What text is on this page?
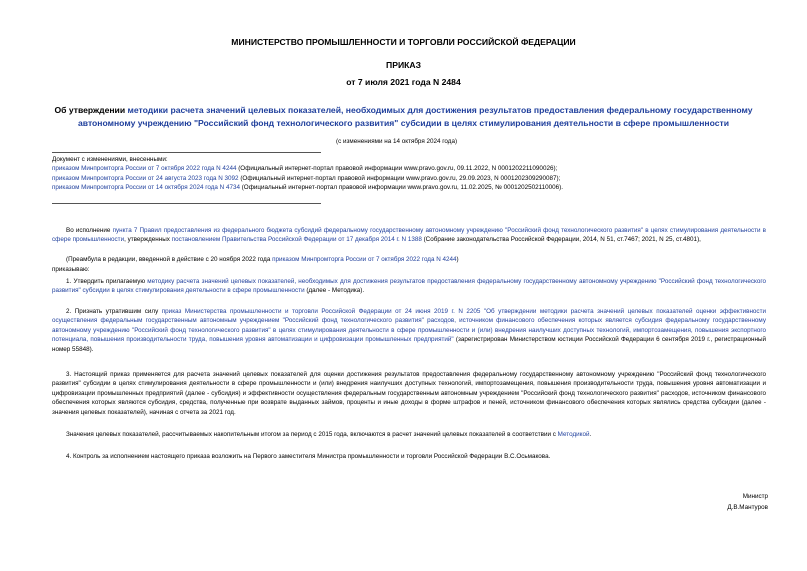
МИНИСТЕРСТВО ПРОМЫШЛЕННОСТИ И ТОРГОВЛИ РОССИЙСКОЙ ФЕДЕРАЦИИ
ПРИКАЗ
от 7 июля 2021 года N 2484
Об утверждении методики расчета значений целевых показателей, необходимых для достижения результатов предоставления федеральному государственному автономному учреждению "Российский фонд технологического развития" субсидии в целях стимулирования деятельности в сфере промышленности
(с изменениями на 14 октября 2024 года)
Документ с изменениями, внесенными:
приказом Минпромторга России от 7 октября 2022 года N 4244 (Официальный интернет-портал правовой информации www.pravo.gov.ru, 09.11.2022, N 0001202211090026);
приказом Минпромторга России от 24 августа 2023 года N 3092 (Официальный интернет-портал правовой информации www.pravo.gov.ru, 29.09.2023, N 0001202309290087);
приказом Минпромторга России от 14 октября 2024 года N 4734 (Официальный интернет-портал правовой информации www.pravo.gov.ru, 11.02.2025, № 0001202502110006).
Во исполнение пункта 7 Правил предоставления из федерального бюджета субсидий федеральному государственному автономному учреждению "Российский фонд технологического развития" в целях стимулирования деятельности в сфере промышленности, утвержденных постановлением Правительства Российской Федерации от 17 декабря 2014 г. N 1388 (Собрание законодательства Российской Федерации, 2014, N 51, ст.7467; 2021, N 25, ст.4801),
(Преамбула в редакции, введенной в действие с 20 ноября 2022 года приказом Минпромторга России от 7 октября 2022 года N 4244)
приказываю:
1. Утвердить прилагаемую методику расчета значений целевых показателей, необходимых для достижения результатов предоставления федеральному государственному автономному учреждению "Российский фонд технологического развития" субсидии в целях стимулирования деятельности в сфере промышленности (далее - Методика).
2. Признать утратившим силу приказ Министерства промышленности и торговли Российской Федерации от 24 июня 2019 г. N 2205 "Об утверждении методики расчета значений целевых показателей оценки эффективности осуществления федеральным государственным автономным учреждением "Российский фонд технологического развития" расходов, источником финансового обеспечения которых является субсидия федеральному государственному автономному учреждению "Российский фонд технологического развития" в целях стимулирования деятельности в сфере промышленности и (или) внедрения наилучших доступных технологий, импортозамещения, повышения экспортного потенциала, повышения производительности труда, повышения уровня автоматизации и цифровизации промышленных предприятий" (зарегистрирован Министерством юстиции Российской Федерации 6 сентября 2019 г., регистрационный номер 55848).
3. Настоящий приказ применяется для расчета значений целевых показателей для оценки достижения результатов предоставления федеральному государственному автономному учреждению "Российский фонд технологического развития" субсидии в целях стимулирования деятельности в сфере промышленности и (или) внедрения наилучших доступных технологий, импортозамещения, повышения производительности труда, повышения уровня автоматизации и цифровизации промышленных предприятий (далее - субсидия) и эффективности осуществления федеральным государственным автономным учреждением "Российский фонд технологического развития" расходов, источником финансового обеспечения которых являются субсидия, средства, полученные при возврате выданных займов, проценты и иные доходы в форме штрафов и пеней, источником финансового обеспечения которых являлись средства субсидии (далее - значения целевых показателей), начиная с отчета за 2021 год.
Значения целевых показателей, рассчитываемых накопительным итогом за период с 2015 года, включаются в расчет значений целевых показателей в соответствии с Методикой.
4. Контроль за исполнением настоящего приказа возложить на Первого заместителя Министра промышленности и торговли Российской Федерации В.С.Осьмакова.
Министр
Д.В.Мантуров
